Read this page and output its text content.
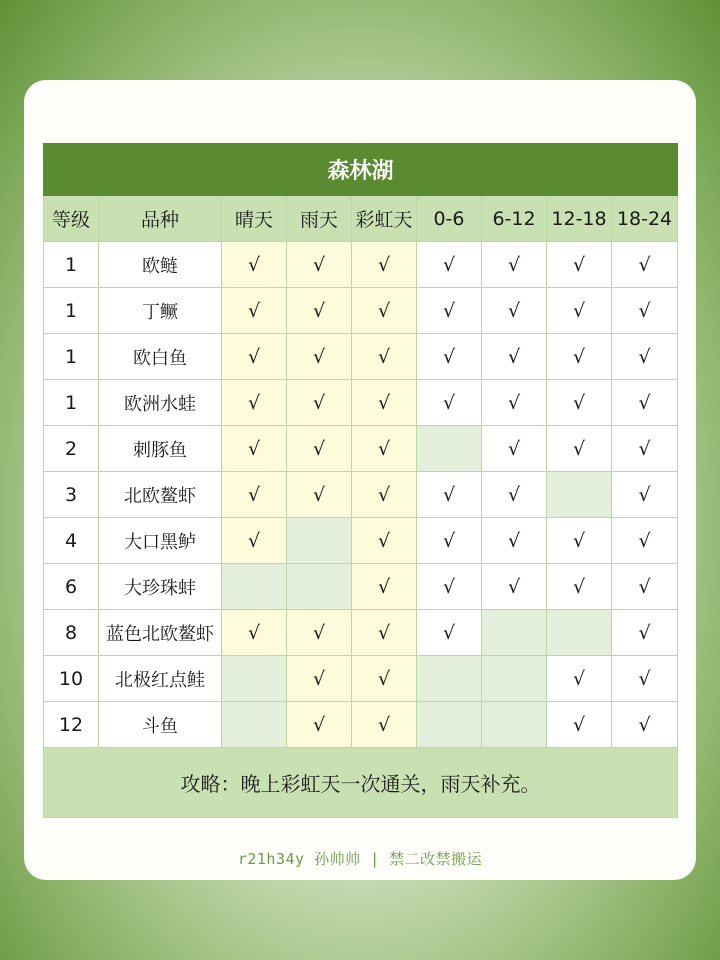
森林湖								
等级	品种	晴天	雨天	彩虹天	0-6	6-12	12-18	18-24
1	欧鲢	√	√	√	√	√	√	√
1	丁鳜	√	√	√	√	√	√	√
1	欧白鱼	√	√	√	√	√	√	√
1	欧洲水蛙	√	√	√	√	√	√	√
2	刺豚鱼	√	√	√		√	√	√
3	北欧鳌虾	√	√	√	√	√		√
4	大口黑鲈	√		√	√	√	√	√
6	大珍珠蚌			√	√	√	√	√
8	蓝色北欧鳌虾	√	√	√	√			√
10	北极红点鲑		√	√			√	√
12	斗鱼		√	√			√	√
攻略：晚上彩虹天一次通关，雨天补充。								
r21h34y 孙帅帅 | 禁二改禁搬运
